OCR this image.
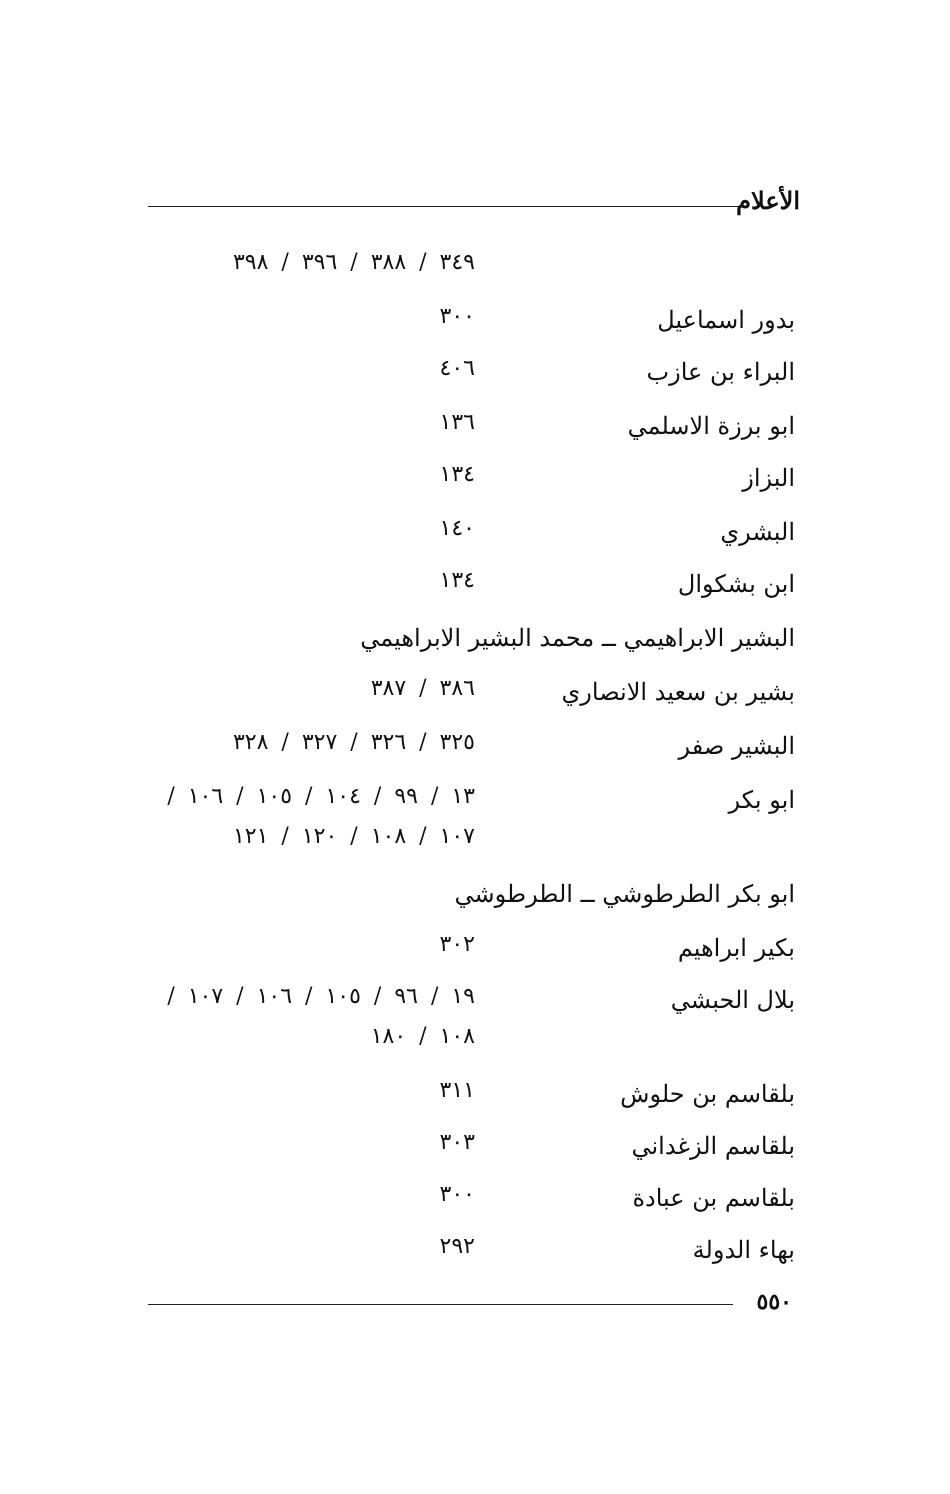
الأعلام
٣٤٩ / ٣٨٨ / ٣٩٦ / ٣٩٨
بدور اسماعيل
٣٠٠
البراء بن عازب
٤٠٦
ابو برزة الاسلمي
١٣٦
البزاز
١٣٤
البشري
١٤٠
ابن بشكوال
١٣٤
البشير الابراهيمي ــ محمد البشير الابراهيمي
بشير بن سعيد الانصاري
٣٨٦ / ٣٨٧
البشير صفر
٣٢٥ / ٣٢٦ / ٣٢٧ / ٣٢٨
ابو بكر
١٣ / ٩٩ / ١٠٤ / ١٠٥ / ١٠٦ /
١٠٧ / ١٠٨ / ١٢٠ / ١٢١
ابو بكر الطرطوشي ــ الطرطوشي
بكير ابراهيم
٣٠٢
بلال الحبشي
١٩ / ٩٦ / ١٠٥ / ١٠٦ / ١٠٧ /
١٠٨ / ١٨٠
بلقاسم بن حلوش
٣١١
بلقاسم الزغداني
٣٠٣
بلقاسم بن عبادة
٣٠٠
بهاء الدولة
٢٩٢
٥٥٠
